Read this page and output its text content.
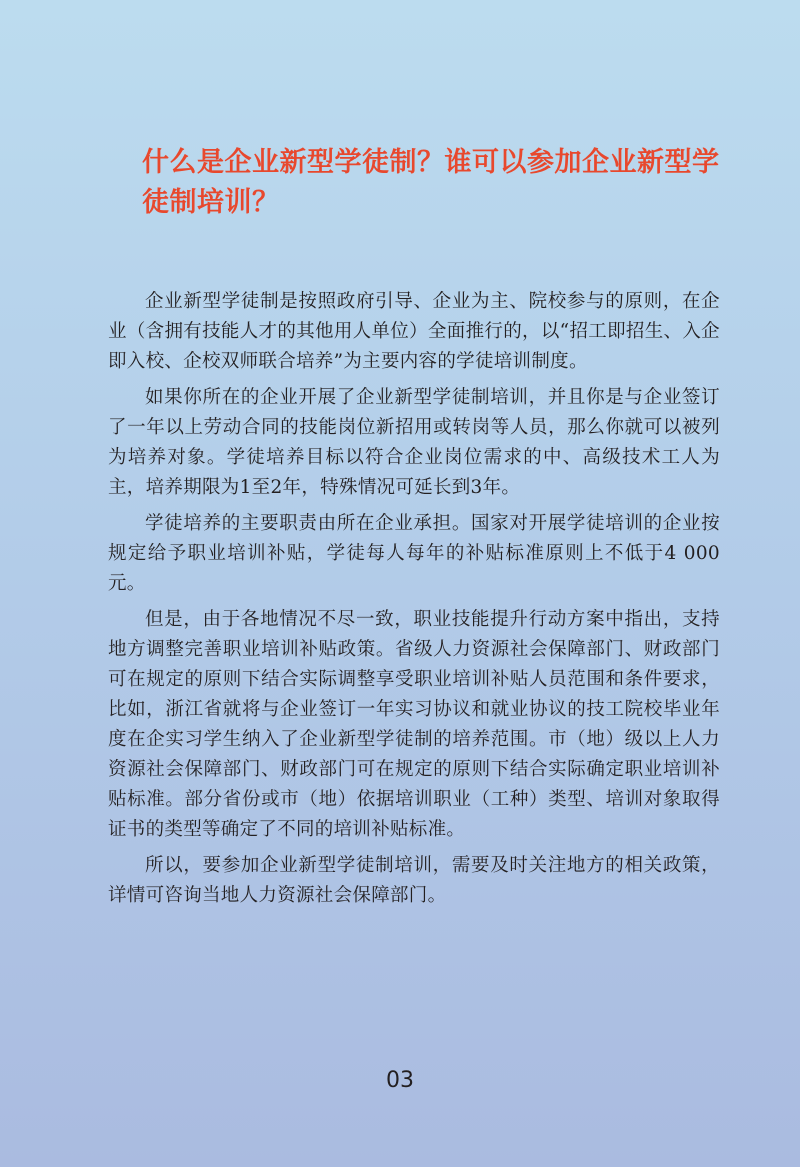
什么是企业新型学徒制？谁可以参加企业新型学徒制培训？

企业新型学徒制是按照政府引导、企业为主、院校参与的原则，在企业（含拥有技能人才的其他用人单位）全面推行的，以“招工即招生、入企即入校、企校双师联合培养”为主要内容的学徒培训制度。

如果你所在的企业开展了企业新型学徒制培训，并且你是与企业签订了一年以上劳动合同的技能岗位新招用或转岗等人员，那么你就可以被列为培养对象。学徒培养目标以符合企业岗位需求的中、高级技术工人为主，培养期限为1至2年，特殊情况可延长到3年。

学徒培养的主要职责由所在企业承担。国家对开展学徒培训的企业按规定给予职业培训补贴，学徒每人每年的补贴标准原则上不低于4 000元。

但是，由于各地情况不尽一致，职业技能提升行动方案中指出，支持地方调整完善职业培训补贴政策。省级人力资源社会保障部门、财政部门可在规定的原则下结合实际调整享受职业培训补贴人员范围和条件要求，比如，浙江省就将与企业签订一年实习协议和就业协议的技工院校毕业年度在企实习学生纳入了企业新型学徒制的培养范围。市（地）级以上人力资源社会保障部门、财政部门可在规定的原则下结合实际确定职业培训补贴标准。部分省份或市（地）依据培训职业（工种）类型、培训对象取得证书的类型等确定了不同的培训补贴标准。

所以，要参加企业新型学徒制培训，需要及时关注地方的相关政策，详情可咨询当地人力资源社会保障部门。

03
